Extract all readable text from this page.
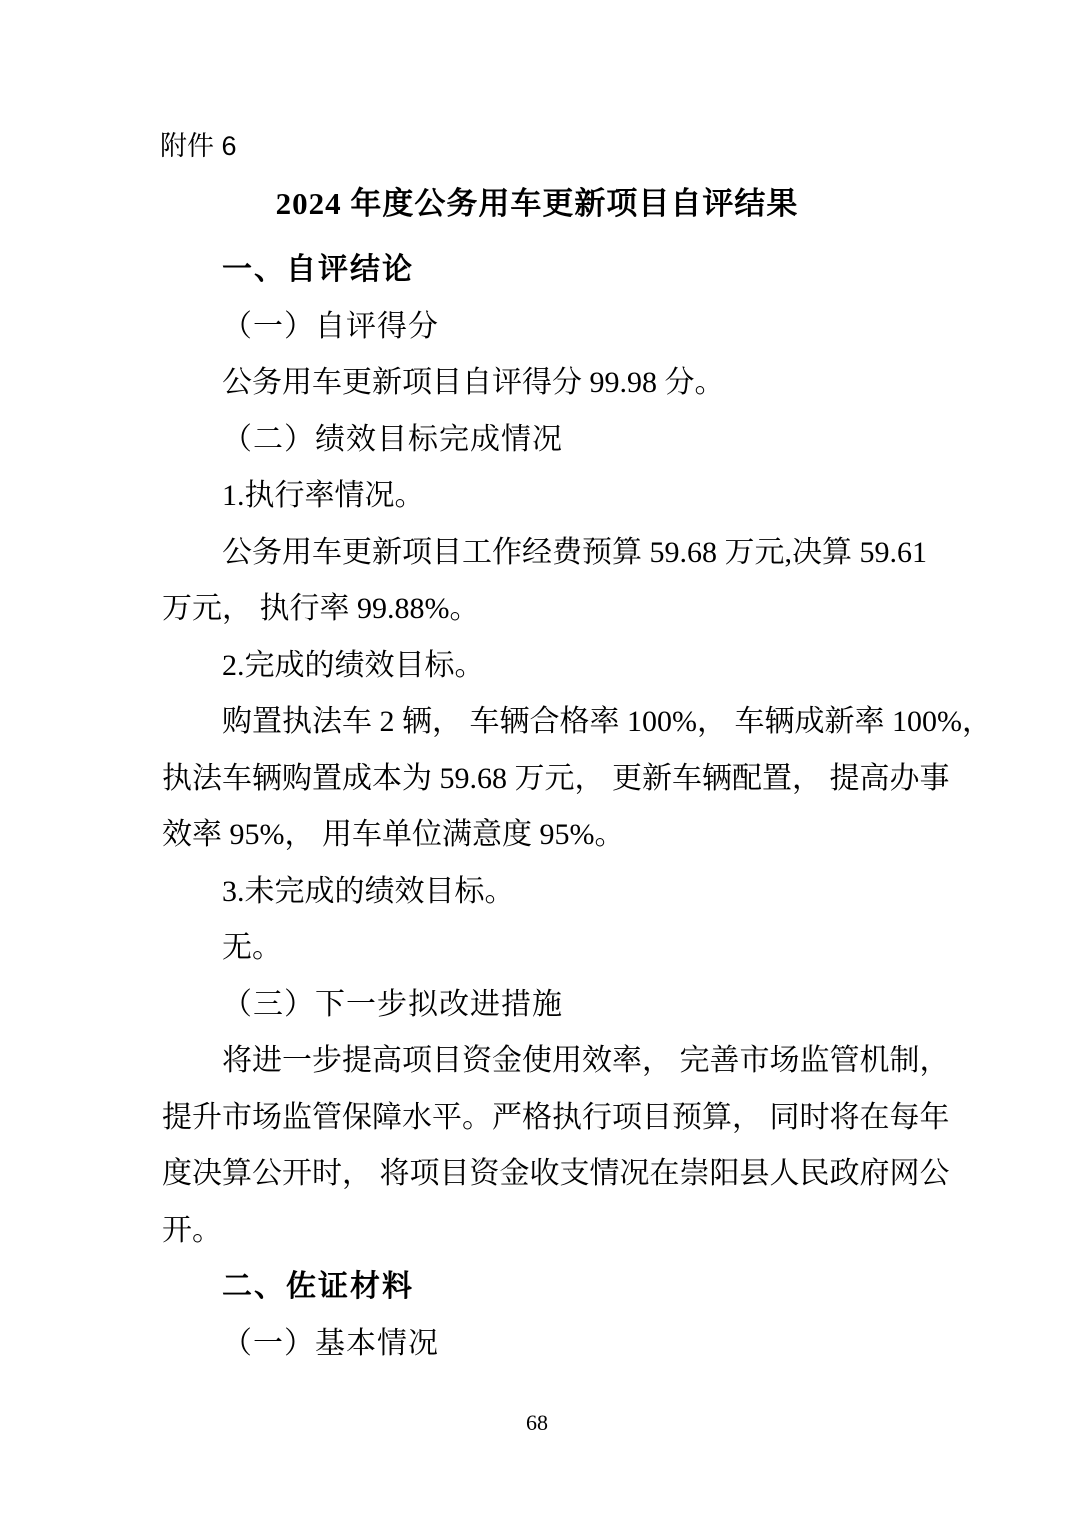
附件 6
2024 年度公务用车更新项目自评结果
一、自评结论
（一）自评得分
公务用车更新项目自评得分 99.98 分。
（二）绩效目标完成情况
1.执行率情况。
公务用车更新项目工作经费预算 59.68 万元,决算 59.61
万元， 执行率 99.88%。
2.完成的绩效目标。
购置执法车 2 辆， 车辆合格率 100%， 车辆成新率 100%，
执法车辆购置成本为 59.68 万元， 更新车辆配置， 提高办事
效率 95%， 用车单位满意度 95%。
3.未完成的绩效目标。
无。
（三）下一步拟改进措施
将进一步提高项目资金使用效率， 完善市场监管机制，
提升市场监管保障水平。严格执行项目预算， 同时将在每年
度决算公开时， 将项目资金收支情况在崇阳县人民政府网公
开。
二、佐证材料
（一）基本情况
68
